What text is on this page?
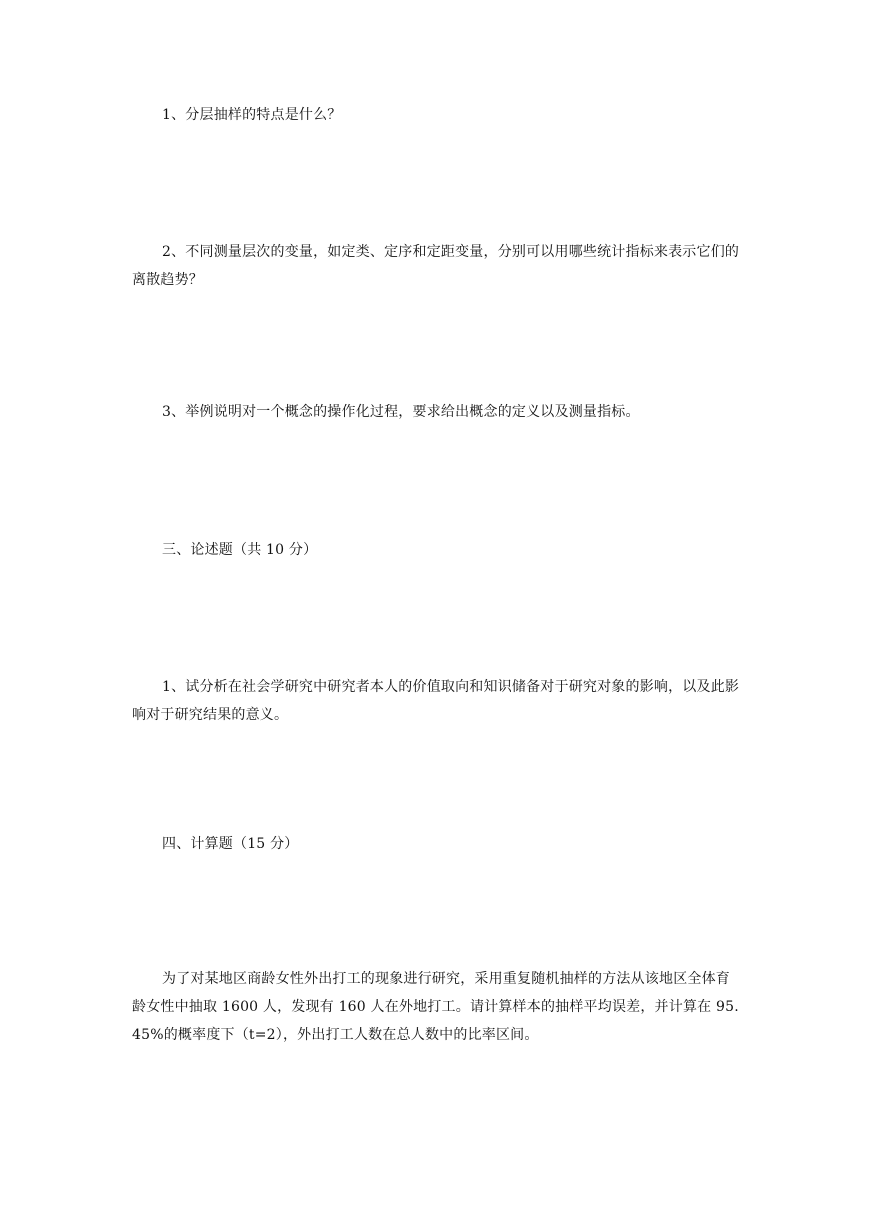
1、分层抽样的特点是什么？

2、不同测量层次的变量，如定类、定序和定距变量，分别可以用哪些统计指标来表示它们的离散趋势？

3、举例说明对一个概念的操作化过程，要求给出概念的定义以及测量指标。

三、论述题（共 10 分）

1、试分析在社会学研究中研究者本人的价值取向和知识储备对于研究对象的影响，以及此影响对于研究结果的意义。

四、计算题（15 分）

为了对某地区商龄女性外出打工的现象进行研究，采用重复随机抽样的方法从该地区全体育龄女性中抽取 1600 人，发现有 160 人在外地打工。请计算样本的抽样平均误差，并计算在 95.45%的概率度下（t=2），外出打工人数在总人数中的比率区间。
